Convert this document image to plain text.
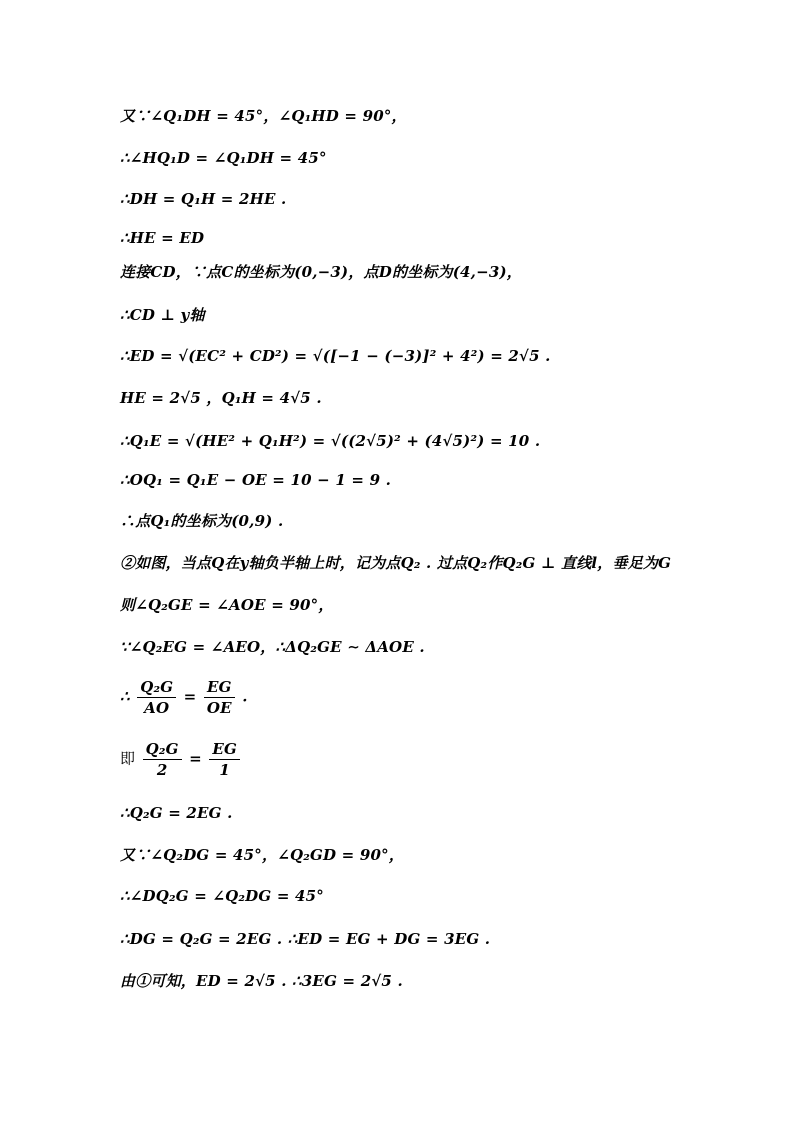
又∵∠Q₁DH = 45°，∠Q₁HD = 90°，
∴∠HQ₁D = ∠Q₁DH = 45°
∴DH = Q₁H = 2HE .
∴HE = ED
连接CD，∵点C的坐标为(0,−3)，点D的坐标为(4,−3)，
∴CD ⊥ y轴
∴ED = √(EC² + CD²) = √([−1 − (−3)]² + 4²) = 2√5 .
HE = 2√5 ，Q₁H = 4√5 .
∴Q₁E = √(HE² + Q₁H²) = √((2√5)² + (4√5)²) = 10 .
∴OQ₁ = Q₁E − OE = 10 − 1 = 9 .
∴点Q₁的坐标为(0,9) .
②如图，当点Q在y轴负半轴上时，记为点Q₂ . 过点Q₂作Q₂G ⊥ 直线l，垂足为G
则∠Q₂GE = ∠AOE = 90°，
∵∠Q₂EG = ∠AEO，∴ΔQ₂GE ∼ ΔAOE .
∴ $\frac{\text{Q₂G}}{AO} = \frac{EG}{OE}$ .
即 $\frac{\text{Q₂G}}{2} = \frac{EG}{1}$
∴Q₂G = 2EG .
又∵∠Q₂DG = 45°，∠Q₂GD = 90°，
∴∠DQ₂G = ∠Q₂DG = 45°
∴DG = Q₂G = 2EG . ∴ED = EG + DG = 3EG .
由①可知，ED = 2√5 . ∴3EG = 2√5 .
